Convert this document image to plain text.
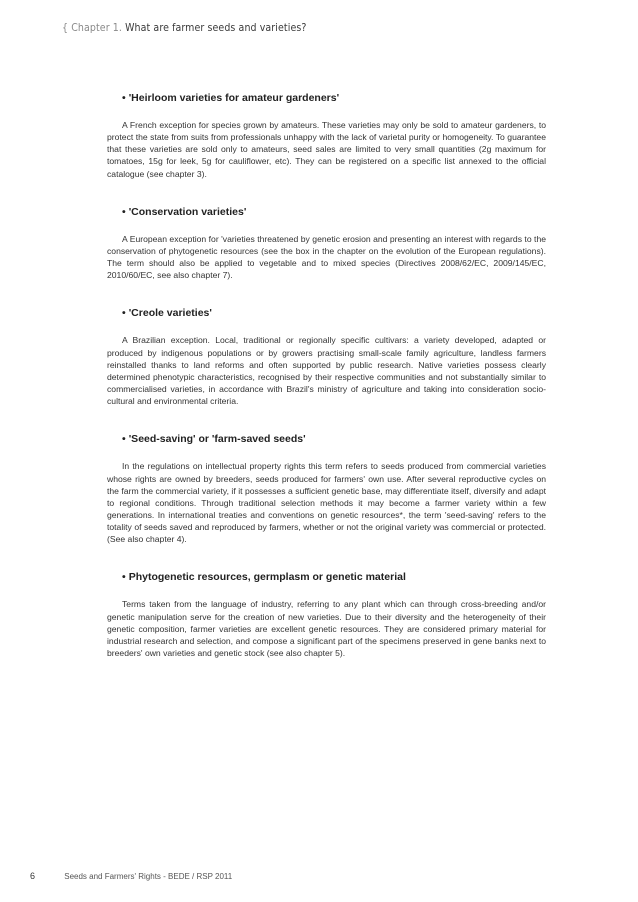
{ Chapter 1. What are farmer seeds and varieties?
• 'Heirloom varieties for amateur gardeners'

A French exception for species grown by amateurs. These varieties may only be sold to amateur gardeners, to protect the state from suits from professionals unhappy with the lack of varietal purity or homogeneity. To guarantee that these varieties are sold only to amateurs, seed sales are limited to very small quantities (2g maximum for tomatoes, 15g for leek, 5g for cauliflower, etc). They can be registered on a specific list annexed to the official catalogue (see chapter 3).

• 'Conservation varieties'

A European exception for 'varieties threatened by genetic erosion and presenting an interest with regards to the conservation of phytogenetic resources (see the box in the chapter on the evolution of the European regulations). The term should also be applied to vegetable and to mixed species (Directives 2008/62/EC, 2009/145/EC, 2010/60/EC, see also chapter 7).

• 'Creole varieties'

A Brazilian exception. Local, traditional or regionally specific cultivars: a variety developed, adapted or produced by indigenous populations or by growers practising small-scale family agriculture, landless farmers reinstalled thanks to land reforms and often supported by public research. Native varieties possess clearly determined phenotypic characteristics, recognised by their respective communities and not substantially similar to commercialised varieties, in accordance with Brazil's ministry of agriculture and taking into consideration socio-cultural and environmental criteria.

• 'Seed-saving' or 'farm-saved seeds'

In the regulations on intellectual property rights this term refers to seeds produced from commercial varieties whose rights are owned by breeders, seeds produced for farmers' own use. After several reproductive cycles on the farm the commercial variety, if it possesses a sufficient genetic base, may differentiate itself, diversify and adapt to regional conditions. Through traditional selection methods it may become a farmer variety within a few generations. In international treaties and conventions on genetic resources*, the term 'seed-saving' refers to the totality of seeds saved and reproduced by farmers, whether or not the original variety was commercial or protected. (See also chapter 4).

• Phytogenetic resources, germplasm or genetic material

Terms taken from the language of industry, referring to any plant which can through cross-breeding and/or genetic manipulation serve for the creation of new varieties. Due to their diversity and the heterogeneity of their genetic composition, farmer varieties are excellent genetic resources. They are considered primary material for industrial research and selection, and compose a significant part of the specimens preserved in gene banks next to breeders' own varieties and genetic stock (see also chapter 5).

6	Seeds and Farmers' Rights - BEDE / RSP 2011
